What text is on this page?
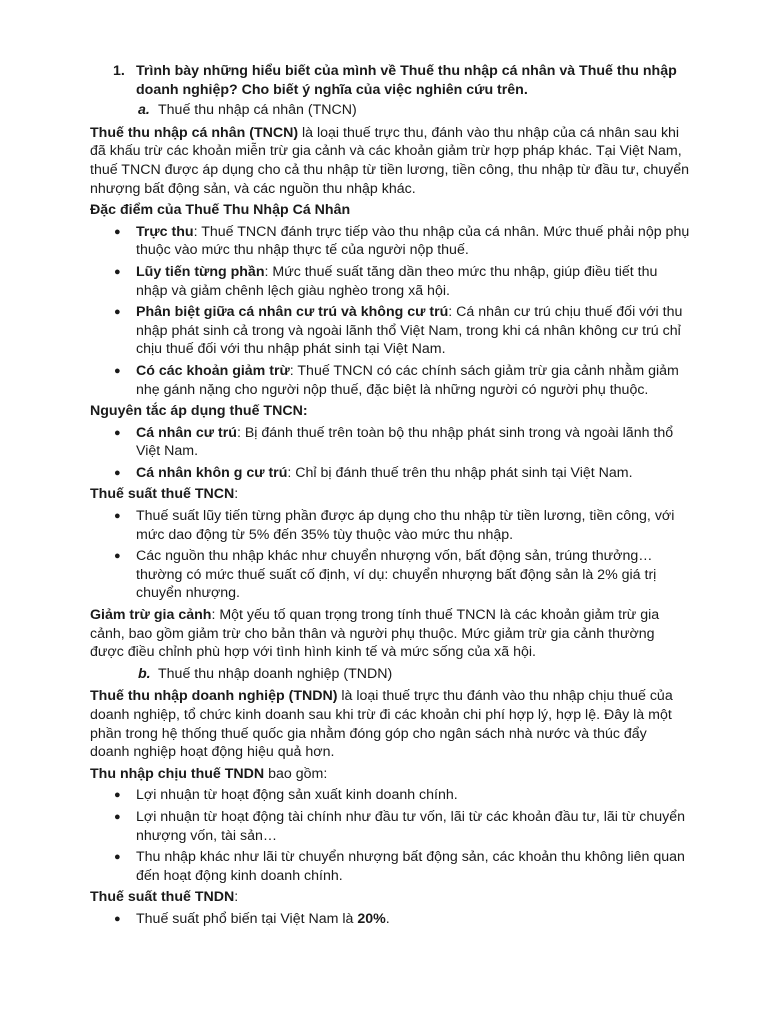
1. Trình bày những hiểu biết của mình về Thuế thu nhập cá nhân và Thuế thu nhập doanh nghiệp? Cho biết ý nghĩa của việc nghiên cứu trên.

a. Thuế thu nhập cá nhân (TNCN)

Thuế thu nhập cá nhân (TNCN) là loại thuế trực thu, đánh vào thu nhập của cá nhân sau khi đã khấu trừ các khoản miễn trừ gia cảnh và các khoản giảm trừ hợp pháp khác. Tại Việt Nam, thuế TNCN được áp dụng cho cả thu nhập từ tiền lương, tiền công, thu nhập từ đầu tư, chuyển nhượng bất động sản, và các nguồn thu nhập khác.

Đặc điểm của Thuế Thu Nhập Cá Nhân

● Trực thu: Thuế TNCN đánh trực tiếp vào thu nhập của cá nhân. Mức thuế phải nộp phụ thuộc vào mức thu nhập thực tế của người nộp thuế.
● Lũy tiến từng phần: Mức thuế suất tăng dần theo mức thu nhập, giúp điều tiết thu nhập và giảm chênh lệch giàu nghèo trong xã hội.
● Phân biệt giữa cá nhân cư trú và không cư trú: Cá nhân cư trú chịu thuế đối với thu nhập phát sinh cả trong và ngoài lãnh thổ Việt Nam, trong khi cá nhân không cư trú chỉ chịu thuế đối với thu nhập phát sinh tại Việt Nam.
● Có các khoản giảm trừ: Thuế TNCN có các chính sách giảm trừ gia cảnh nhằm giảm nhẹ gánh nặng cho người nộp thuế, đặc biệt là những người có người phụ thuộc.

Nguyên tắc áp dụng thuế TNCN:

● Cá nhân cư trú: Bị đánh thuế trên toàn bộ thu nhập phát sinh trong và ngoài lãnh thổ Việt Nam.
● Cá nhân khôn g cư trú: Chỉ bị đánh thuế trên thu nhập phát sinh tại Việt Nam.

Thuế suất thuế TNCN:

● Thuế suất lũy tiến từng phần được áp dụng cho thu nhập từ tiền lương, tiền công, với mức dao động từ 5% đến 35% tùy thuộc vào mức thu nhập.
● Các nguồn thu nhập khác như chuyển nhượng vốn, bất động sản, trúng thưởng… thường có mức thuế suất cố định, ví dụ: chuyển nhượng bất động sản là 2% giá trị chuyển nhượng.

Giảm trừ gia cảnh: Một yếu tố quan trọng trong tính thuế TNCN là các khoản giảm trừ gia cảnh, bao gồm giảm trừ cho bản thân và người phụ thuộc. Mức giảm trừ gia cảnh thường được điều chỉnh phù hợp với tình hình kinh tế và mức sống của xã hội.

b. Thuế thu nhập doanh nghiệp (TNDN)

Thuế thu nhập doanh nghiệp (TNDN) là loại thuế trực thu đánh vào thu nhập chịu thuế của doanh nghiệp, tổ chức kinh doanh sau khi trừ đi các khoản chi phí hợp lý, hợp lệ. Đây là một phần trong hệ thống thuế quốc gia nhằm đóng góp cho ngân sách nhà nước và thúc đẩy doanh nghiệp hoạt động hiệu quả hơn.

Thu nhập chịu thuế TNDN bao gồm:

● Lợi nhuận từ hoạt động sản xuất kinh doanh chính.
● Lợi nhuận từ hoạt động tài chính như đầu tư vốn, lãi từ các khoản đầu tư, lãi từ chuyển nhượng vốn, tài sản…
● Thu nhập khác như lãi từ chuyển nhượng bất động sản, các khoản thu không liên quan đến hoạt động kinh doanh chính.

Thuế suất thuế TNDN:

● Thuế suất phổ biến tại Việt Nam là 20%.
